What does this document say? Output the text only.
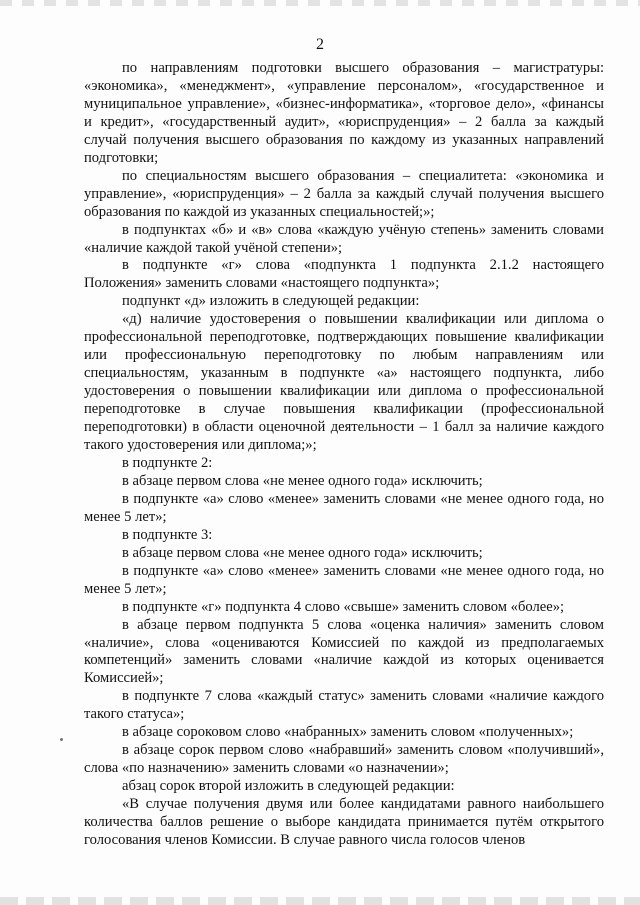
2

по направлениям подготовки высшего образования – магистратуры: «экономика», «менеджмент», «управление персоналом», «государственное и муниципальное управление», «бизнес-информатика», «торговое дело», «финансы и кредит», «государственный аудит», «юриспруденция» – 2 балла за каждый случай получения высшего образования по каждому из указанных направлений подготовки;

по специальностям высшего образования – специалитета: «экономика и управление», «юриспруденция» – 2 балла за каждый случай получения высшего образования по каждой из указанных специальностей;»;

в подпунктах «б» и «в» слова «каждую учёную степень» заменить словами «наличие каждой такой учёной степени»;

в подпункте «г» слова «подпункта 1 подпункта 2.1.2 настоящего Положения» заменить словами «настоящего подпункта»;

подпункт «д» изложить в следующей редакции:

«д) наличие удостоверения о повышении квалификации или диплома о профессиональной переподготовке, подтверждающих повышение квалификации или профессиональную переподготовку по любым направлениям или специальностям, указанным в подпункте «а» настоящего подпункта, либо удостоверения о повышении квалификации или диплома о профессиональной переподготовке в случае повышения квалификации (профессиональной переподготовки) в области оценочной деятельности – 1 балл за наличие каждого такого удостоверения или диплома;»;

в подпункте 2:

в абзаце первом слова «не менее одного года» исключить;

в подпункте «а» слово «менее» заменить словами «не менее одного года, но менее 5 лет»;

в подпункте 3:

в абзаце первом слова «не менее одного года» исключить;

в подпункте «а» слово «менее» заменить словами «не менее одного года, но менее 5 лет»;

в подпункте «г» подпункта 4 слово «свыше» заменить словом «более»;

в абзаце первом подпункта 5 слова «оценка наличия» заменить словом «наличие», слова «оцениваются Комиссией по каждой из предполагаемых компетенций» заменить словами «наличие каждой из которых оценивается Комиссией»;

в подпункте 7 слова «каждый статус» заменить словами «наличие каждого такого статуса»;

в абзаце сороковом слово «набранных» заменить словом «полученных»;

в абзаце сорок первом слово «набравший» заменить словом «получивший», слова «по назначению» заменить словами «о назначении»;

абзац сорок второй изложить в следующей редакции:

«В случае получения двумя или более кандидатами равного наибольшего количества баллов решение о выборе кандидата принимается путём открытого голосования членов Комиссии. В случае равного числа голосов членов
